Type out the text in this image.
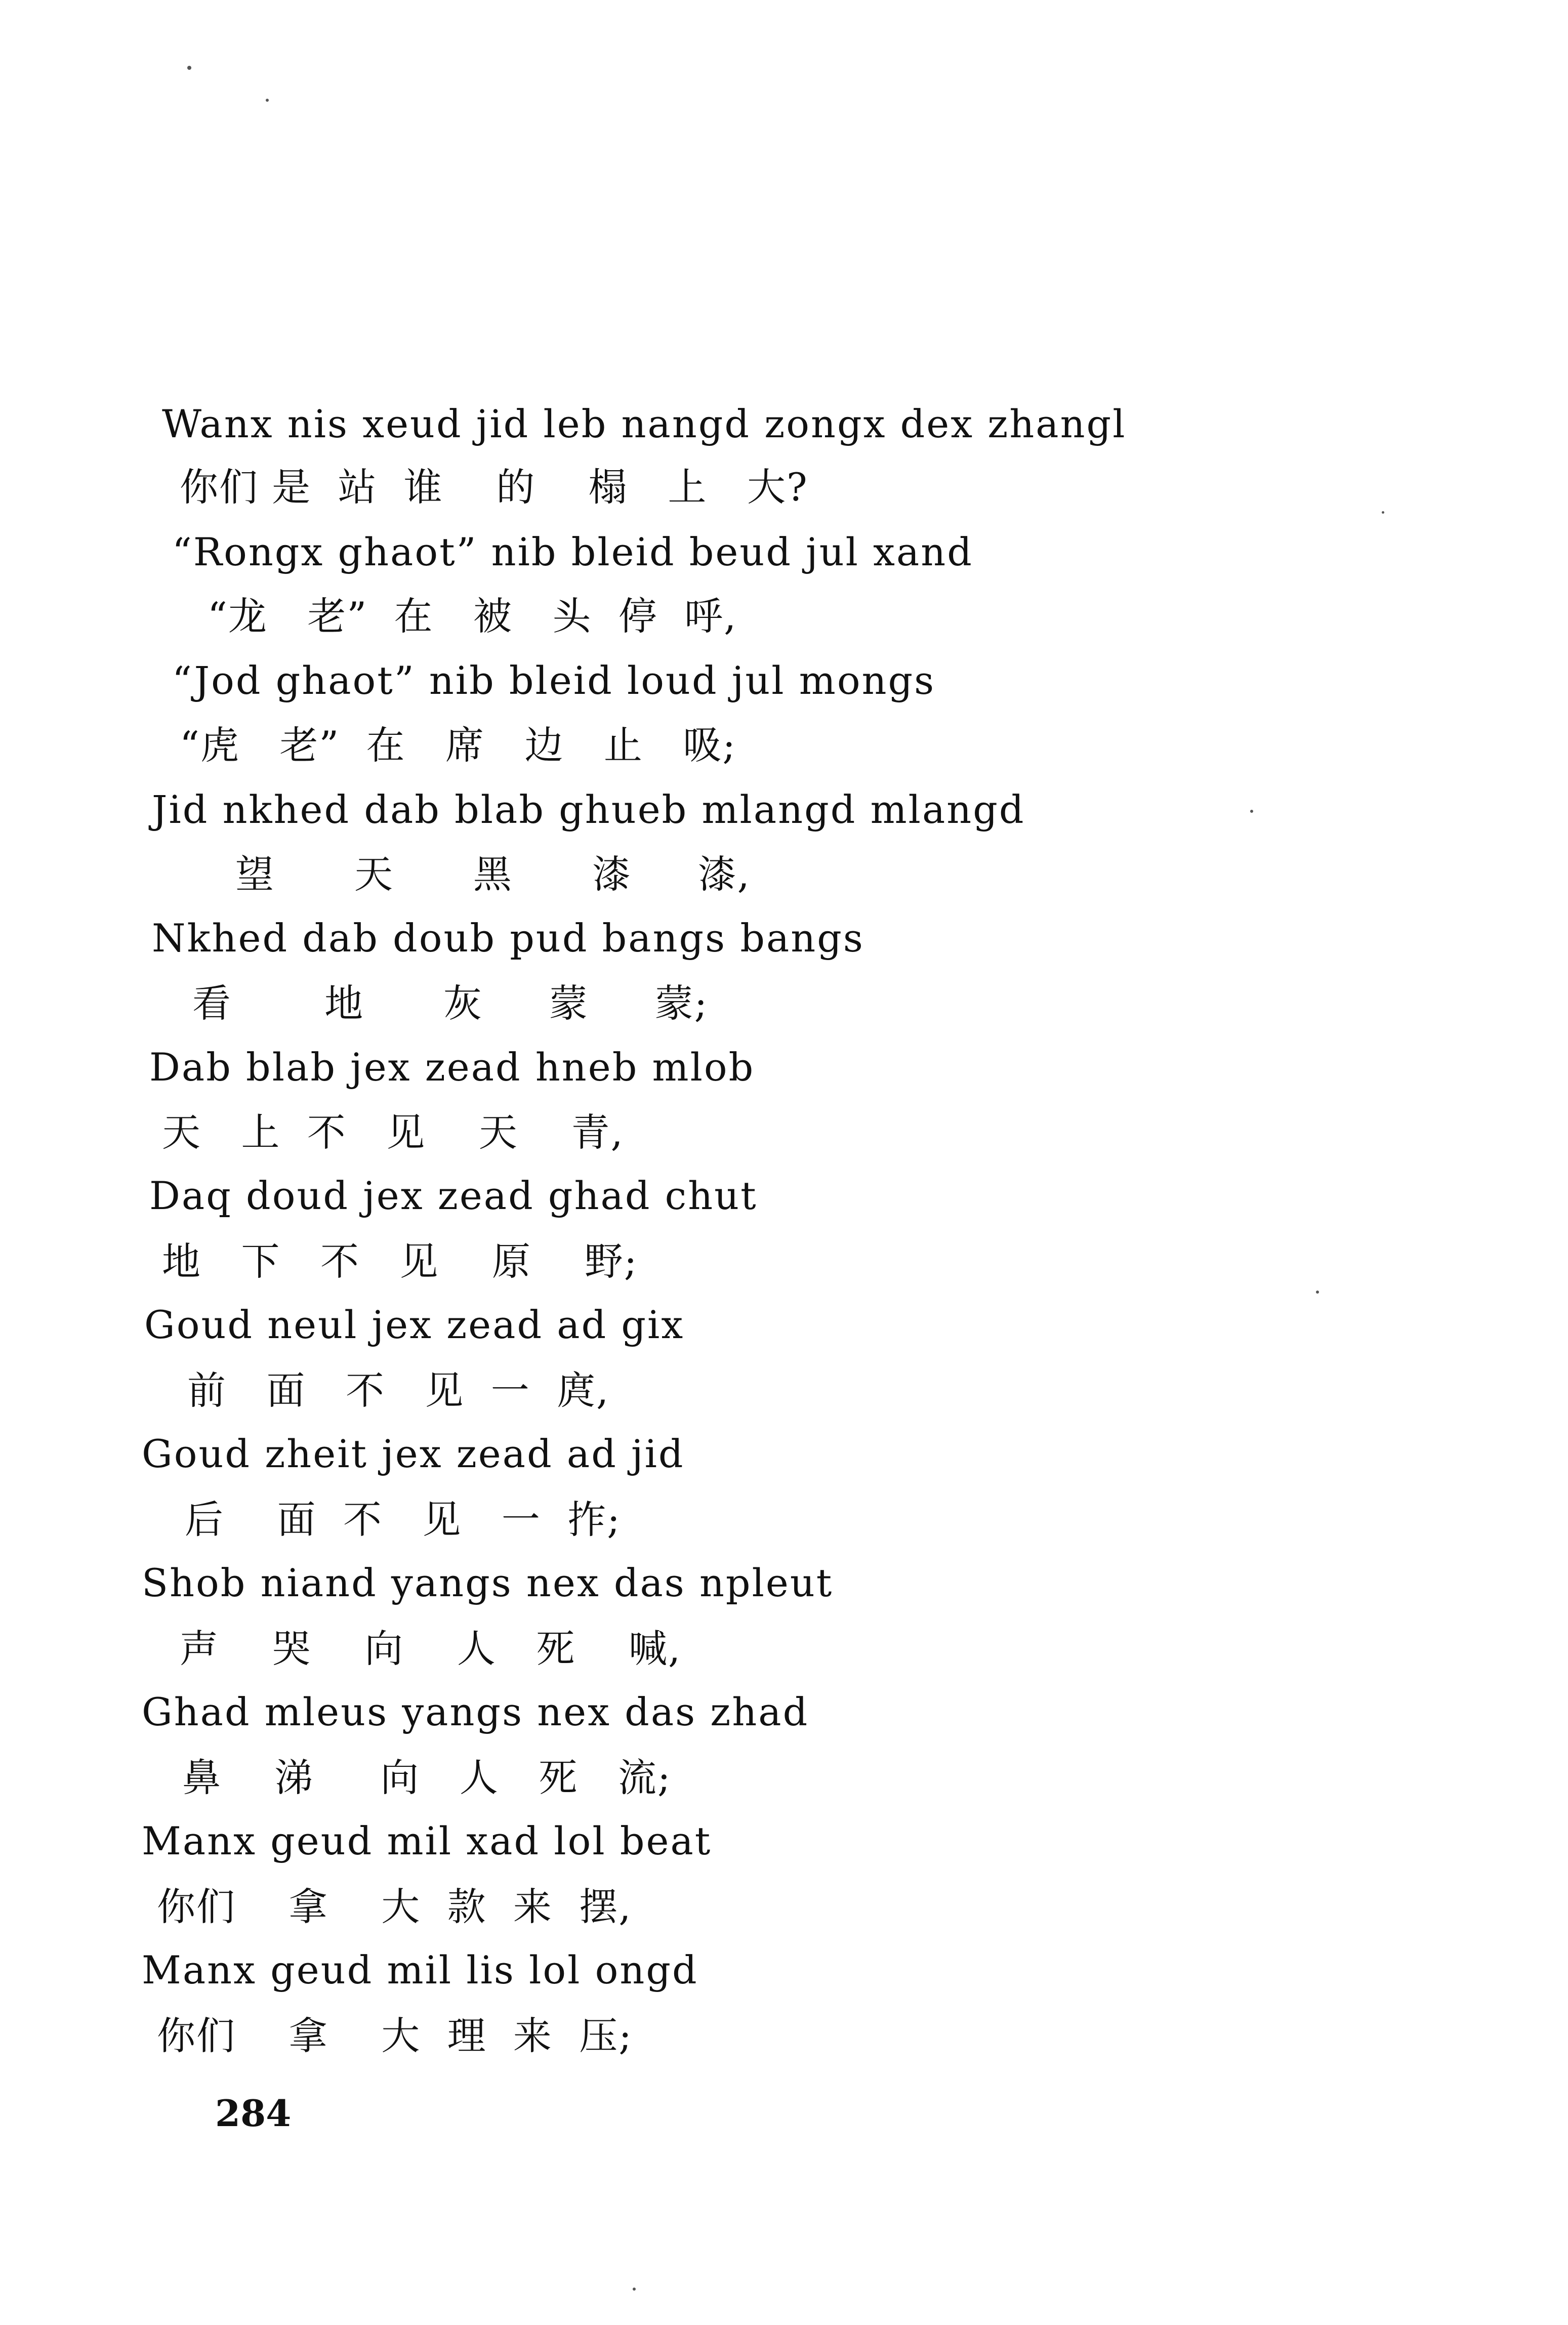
Wanx nis xeud jid leb nangd zongx dex zhangl
你们 是  站  谁    的    榻   上   大?
“Rongx ghaot” nib bleid beud jul xand
“龙   老”  在   被   头  停  呼,
“Jod ghaot” nib bleid loud jul mongs
“虎   老”  在   席   边   止   吸;
Jid nkhed dab blab ghueb mlangd mlangd
望      天      黑      漆     漆,
Nkhed dab doub pud bangs bangs
看       地      灰     蒙     蒙;
Dab blab jex zead hneb mlob
天   上  不   见    天    青,
Daq doud jex zead ghad chut
地   下   不   见    原    野;
Goud neul jex zead ad gix
前   面   不   见  一  庹,
Goud zheit jex zead ad jid
后    面  不   见   一  拃;
Shob niand yangs nex das npleut
声    哭    向    人   死    喊,
Ghad mleus yangs nex das zhad
鼻    涕     向   人   死   流;
Manx geud mil xad lol beat
你们    拿    大  款  来  摆,
Manx geud mil lis lol ongd
你们    拿    大  理  来  压;
284
